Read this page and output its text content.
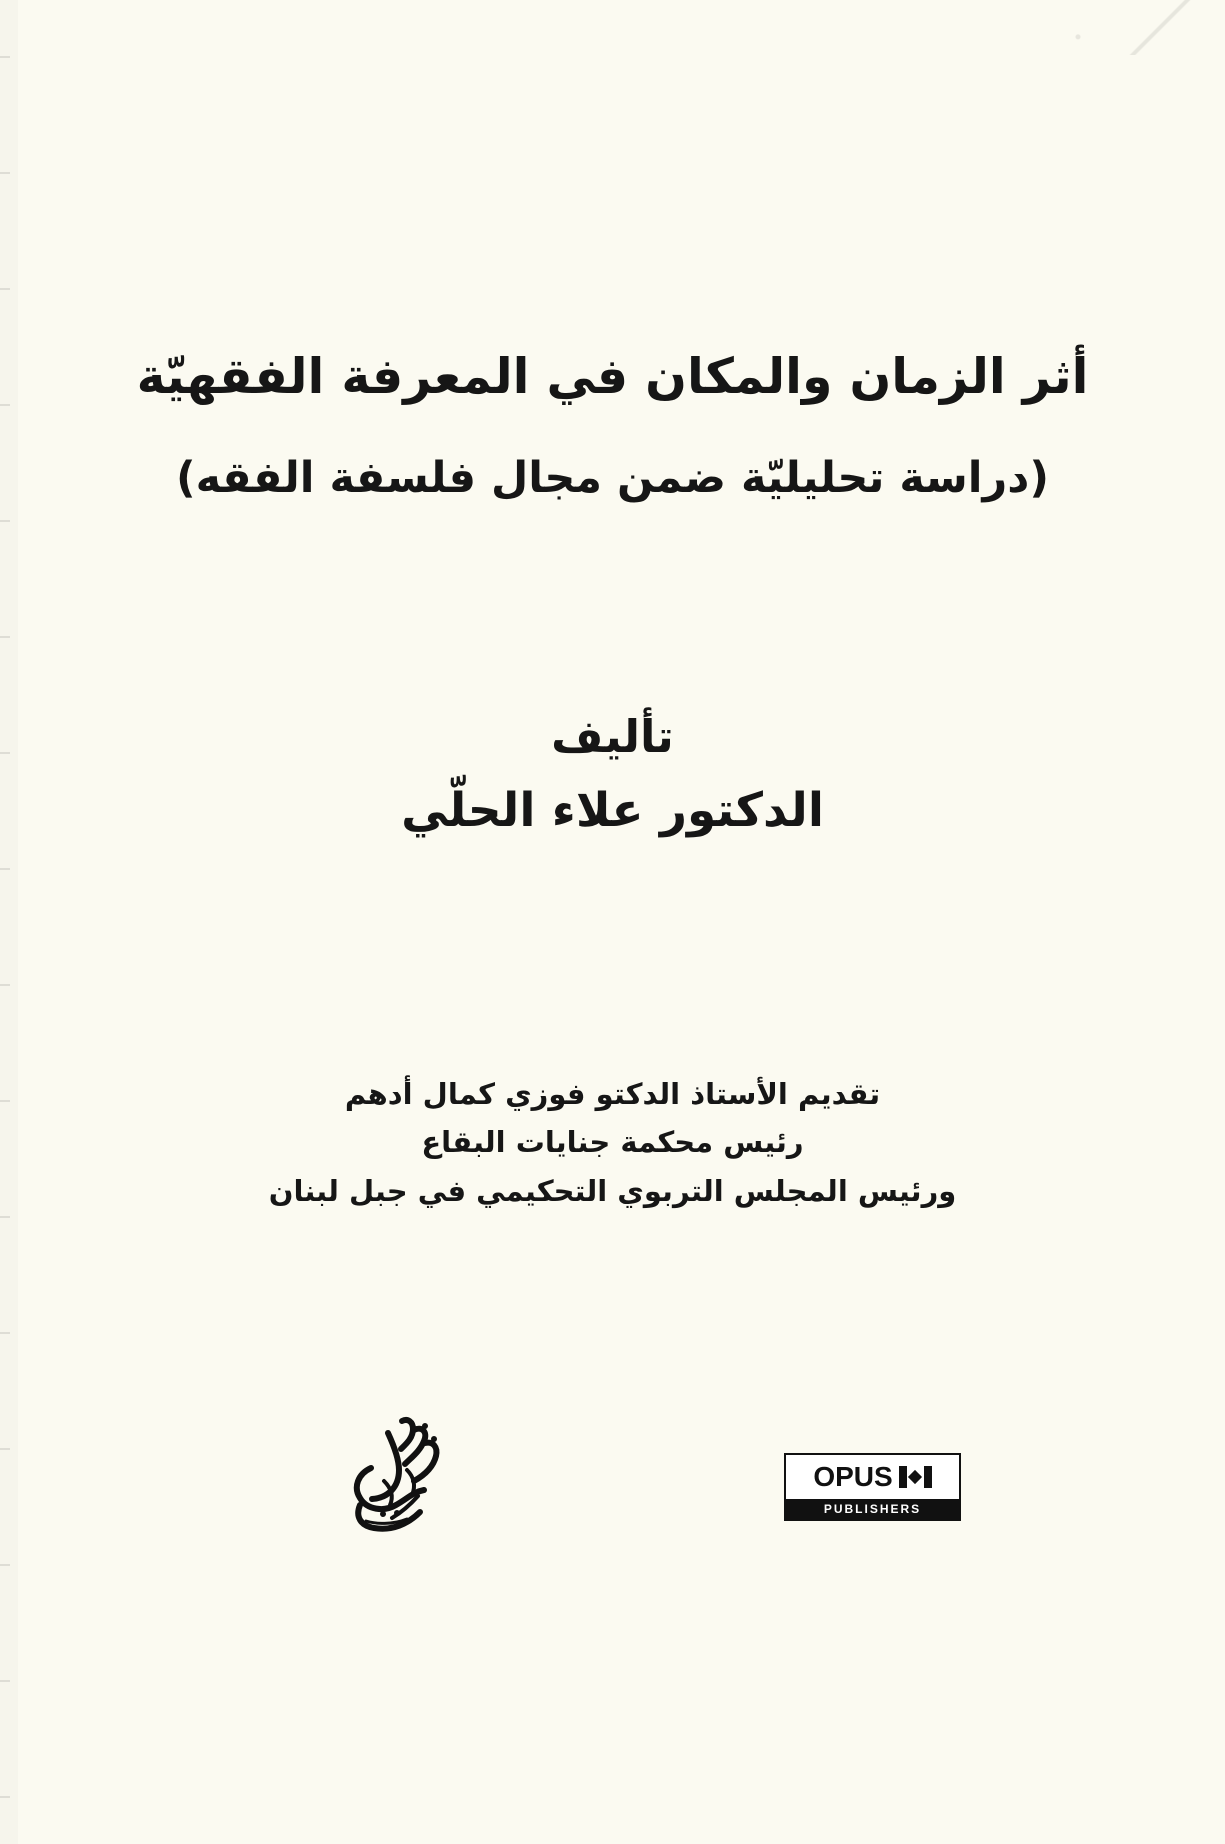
أثر الزمان والمكان في المعرفة الفقهيّة
(دراسة تحليليّة ضمن مجال فلسفة الفقه)
تأليف
الدكتور علاء الحلّي
تقديم الأستاذ الدكتو فوزي كمال أدهم
رئيس محكمة جنايات البقاع
ورئيس المجلس التربوي التحكيمي في جبل لبنان
OPUS
PUBLISHERS
